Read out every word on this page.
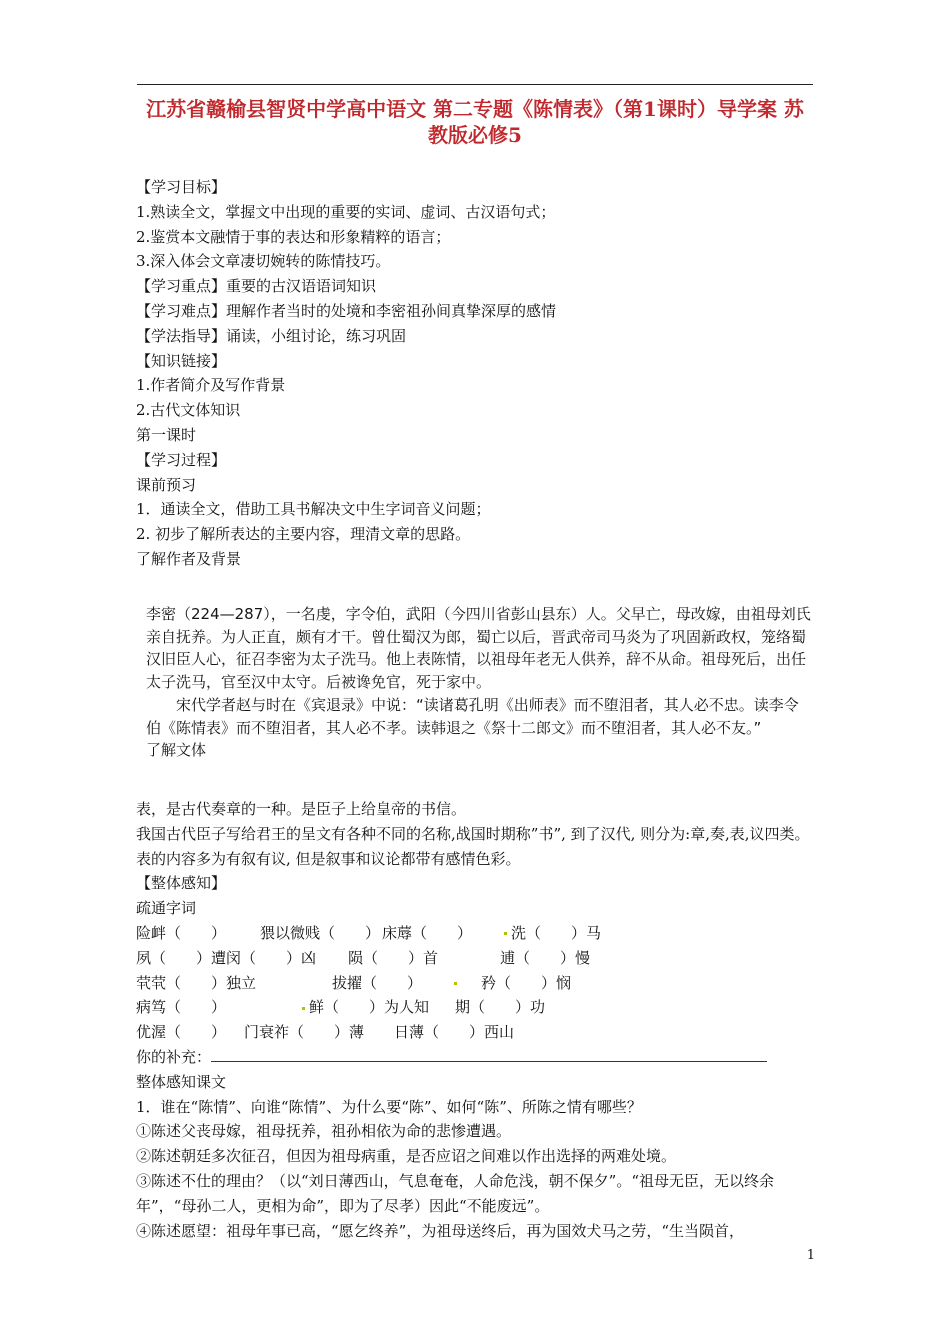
江苏省赣榆县智贤中学高中语文 第二专题《陈情表》（第1课时）导学案 苏教版必修5
【学习目标】
1.熟读全文，掌握文中出现的重要的实词、虚词、古汉语句式；
2.鉴赏本文融情于事的表达和形象精粹的语言；
3.深入体会文章凄切婉转的陈情技巧。
【学习重点】重要的古汉语语词知识
【学习难点】理解作者当时的处境和李密祖孙间真挚深厚的感情
【学法指导】诵读，小组讨论，练习巩固
【知识链接】
1.作者简介及写作背景
2.古代文体知识
第一课时
【学习过程】
课前预习
1．通读全文，借助工具书解决文中生字词音义问题；
2. 初步了解所表达的主要内容，理清文章的思路。
了解作者及背景

李密（224—287），一名虔，字令伯，武阳（今四川省彭山县东）人。父早亡，母改嫁，由祖母刘氏亲自抚养。为人正直，颇有才干。曾仕蜀汉为郎，蜀亡以后，晋武帝司马炎为了巩固新政权，笼络蜀汉旧臣人心，征召李密为太子洗马。他上表陈情，以祖母年老无人供养，辞不从命。祖母死后，出任太子洗马，官至汉中太守。后被谗免官，死于家中。

宋代学者赵与时在《宾退录》中说：“读诸葛孔明《出师表》而不堕泪者，其人必不忠。读李令伯《陈情表》而不堕泪者，其人必不孝。读韩退之《祭十二郎文》而不堕泪者，其人必不友。”

了解文体

表，是古代奏章的一种。是臣子上给皇帝的书信。
我国古代臣子写给君王的呈文有各种不同的名称,战国时期称”书”, 到了汉代, 则分为:章,奏,表,议四类。　　表的内容多为有叙有议, 但是叙事和议论都带有感情色彩。
【整体感知】
疏通字词
险衅（　　） 猥以微贱（　　） 床蓐（　　）	洗（　　）马
夙（　　）遭闵（　　）凶 陨（　　）首	逋（　　）慢
茕茕（　　）独立	拔擢（　　）	矜（　　）悯
病笃（　　）	鲜（　　）为人知 期（　　）功
优渥（　　） 门衰祚（　　）薄 日薄（　　）西山
你的补充：
整体感知课文
1．谁在“陈情”、向谁“陈情”、为什么要“陈”、如何“陈”、所陈之情有哪些？
①陈述父丧母嫁，祖母抚养，祖孙相依为命的悲惨遭遇。
②陈述朝廷多次征召，但因为祖母病重，是否应诏之间难以作出选择的两难处境。
③陈述不仕的理由？（以“刘日薄西山，气息奄奄，人命危浅，朝不保夕”。“祖母无臣，无以终余年”，“母孙二人，更相为命”，即为了尽孝）因此“不能废远”。
④陈述愿望：祖母年事已高，“愿乞终养”，为祖母送终后，再为国效犬马之劳，“生当陨首，
1
